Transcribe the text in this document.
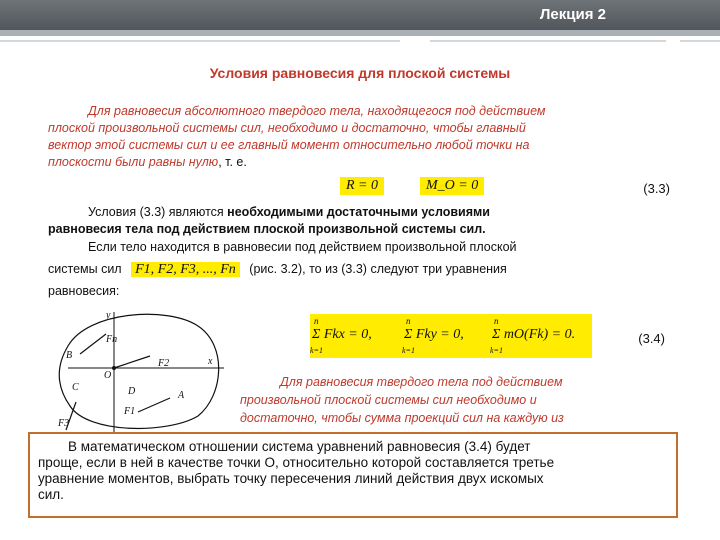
Лекция 2
Условия равновесия для плоской системы
Для равновесия абсолютного твердого тела, находящегося под действием
плоской произвольной системы сил, необходимо и достаточно, чтобы главный
вектор этой системы сил и ее главный момент относительно любой точки на
плоскости были равны нулю, т. е.
R = 0	M_O = 0	(3.3)
Условия (3.3) являются необходимыми достаточными условиями
равновесия тела под действием плоской произвольной системы сил.
Если тело находится в равновесии под действием произвольной плоской
системы сил F1, F2, F3, ..., Fn (рис. 3.2), то из (3.3) следуют три уравнения
равновесия:
n
k=1
Σ Fkx = 0,
n
k=1
Σ Fky = 0,
n
k=1
Σ mO(Fk) = 0.	(3.4)
y
x
O
B
C	D	A
Fn
F2
F1
F3
Для равновесия твердого тела под действием
произвольной плоской системы сил необходимо и
достаточно, чтобы сумма проекций сил на каждую из
В математическом отношении система уравнений равновесия (3.4) будет
проще, если в ней в качестве точки О, относительно которой составляется третье
уравнение моментов, выбрать точку пересечения линий действия двух искомых
сил.
